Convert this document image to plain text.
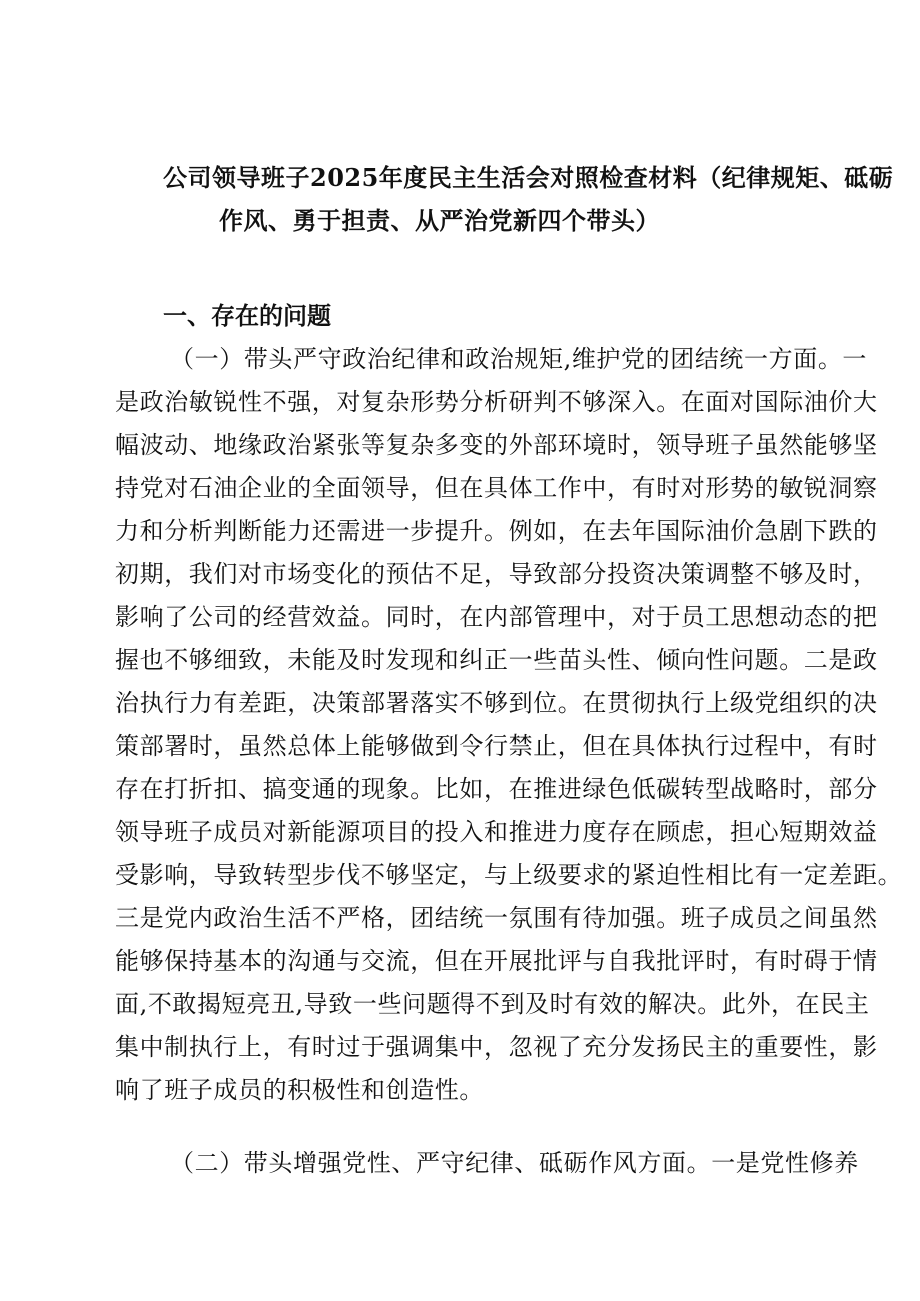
公司领导班子2025年度民主生活会对照检查材料（纪律规矩、砥砺

作风、勇于担责、从严治党新四个带头）

一、存在的问题

（一）带头严守政治纪律和政治规矩,维护党的团结统一方面。一

是政治敏锐性不强，对复杂形势分析研判不够深入。在面对国际油价大

幅波动、地缘政治紧张等复杂多变的外部环境时，领导班子虽然能够坚

持党对石油企业的全面领导，但在具体工作中，有时对形势的敏锐洞察

力和分析判断能力还需进一步提升。例如，在去年国际油价急剧下跌的

初期，我们对市场变化的预估不足，导致部分投资决策调整不够及时，

影响了公司的经营效益。同时，在内部管理中，对于员工思想动态的把

握也不够细致，未能及时发现和纠正一些苗头性、倾向性问题。二是政

治执行力有差距，决策部署落实不够到位。在贯彻执行上级党组织的决

策部署时，虽然总体上能够做到令行禁止，但在具体执行过程中，有时

存在打折扣、搞变通的现象。比如，在推进绿色低碳转型战略时，部分

领导班子成员对新能源项目的投入和推进力度存在顾虑，担心短期效益

受影响，导致转型步伐不够坚定，与上级要求的紧迫性相比有一定差距。

三是党内政治生活不严格，团结统一氛围有待加强。班子成员之间虽然

能够保持基本的沟通与交流，但在开展批评与自我批评时，有时碍于情

面,不敢揭短亮丑,导致一些问题得不到及时有效的解决。此外，在民主

集中制执行上，有时过于强调集中，忽视了充分发扬民主的重要性，影

响了班子成员的积极性和创造性。

（二）带头增强党性、严守纪律、砥砺作风方面。一是党性修养
